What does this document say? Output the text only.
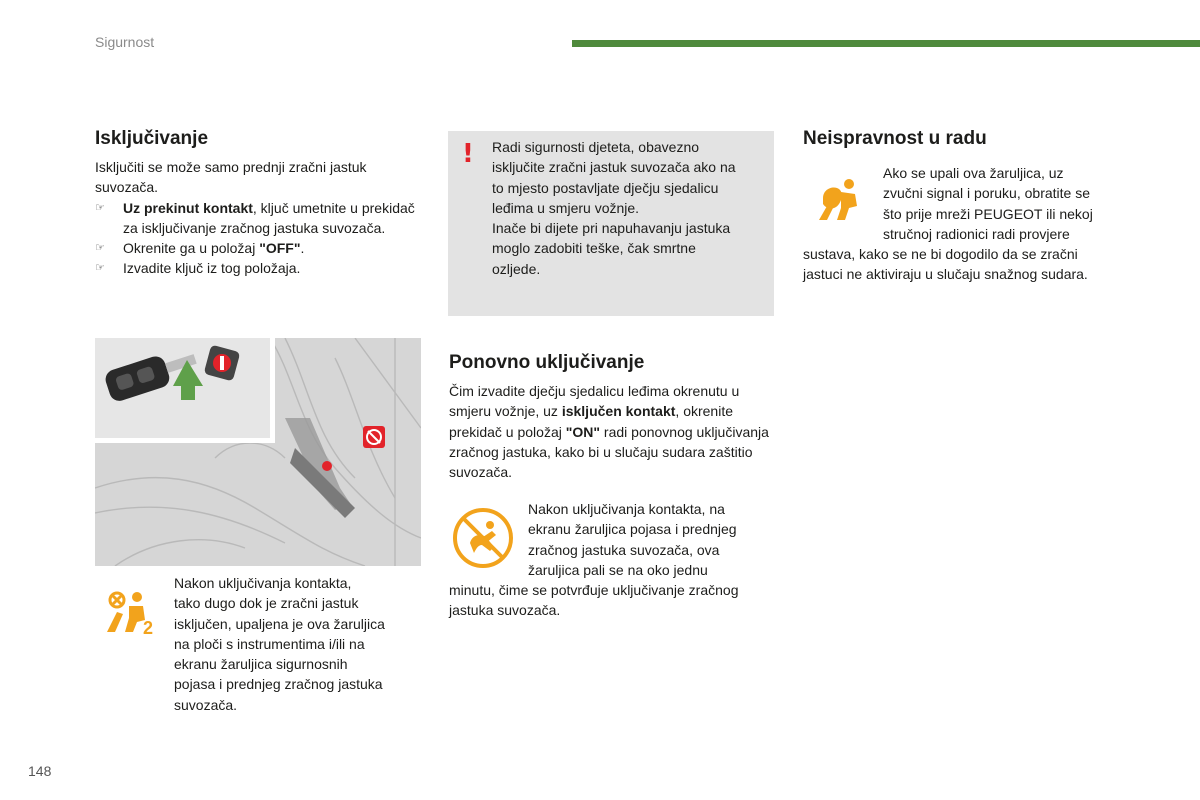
Sigurnost
148
Isključivanje

Isključiti se može samo prednji zračni jastuk suvozača.

☞ Uz prekinut kontakt, ključ umetnite u prekidač za isključivanje zračnog jastuka suvozača.
☞ Okrenite ga u položaj "OFF".
☞ Izvadite ključ iz tog položaja.
2

Nakon uključivanja kontakta,

tako dugo dok je zračni jastuk

isključen, upaljena je ova žaruljica

na ploči s instrumentima i/ili na

ekranu žaruljica sigurnosnih

pojasa i prednjeg zračnog jastuka

suvozača.

! Radi sigurnosti djeteta, obavezno

isključite zračni jastuk suvozača ako na

to mjesto postavljate dječju sjedalicu

leđima u smjeru vožnje.

Inače bi dijete pri napuhavanju jastuka

moglo zadobiti teške, čak smrtne

ozljede.

Ponovno uključivanje

Čim izvadite dječju sjedalicu leđima okrenutu u smjeru vožnje, uz isključen kontakt, okrenite prekidač u položaj "ON" radi ponovnog uključivanja zračnog jastuka, kako bi u slučaju sudara zaštitio suvozača.

Nakon uključivanja kontakta, na

ekranu žaruljica pojasa i prednjeg

zračnog jastuka suvozača, ova

žaruljica pali se na oko jednu

minutu, čime se potvrđuje uključivanje zračnog

jastuka suvozača.

Neispravnost u radu

Ako se upali ova žaruljica, uz

zvučni signal i poruku, obratite se

što prije mreži PEUGEOT ili nekoj

stručnoj radionici radi provjere

sustava, kako se ne bi dogodilo da se zračni

jastuci ne aktiviraju u slučaju snažnog sudara.
